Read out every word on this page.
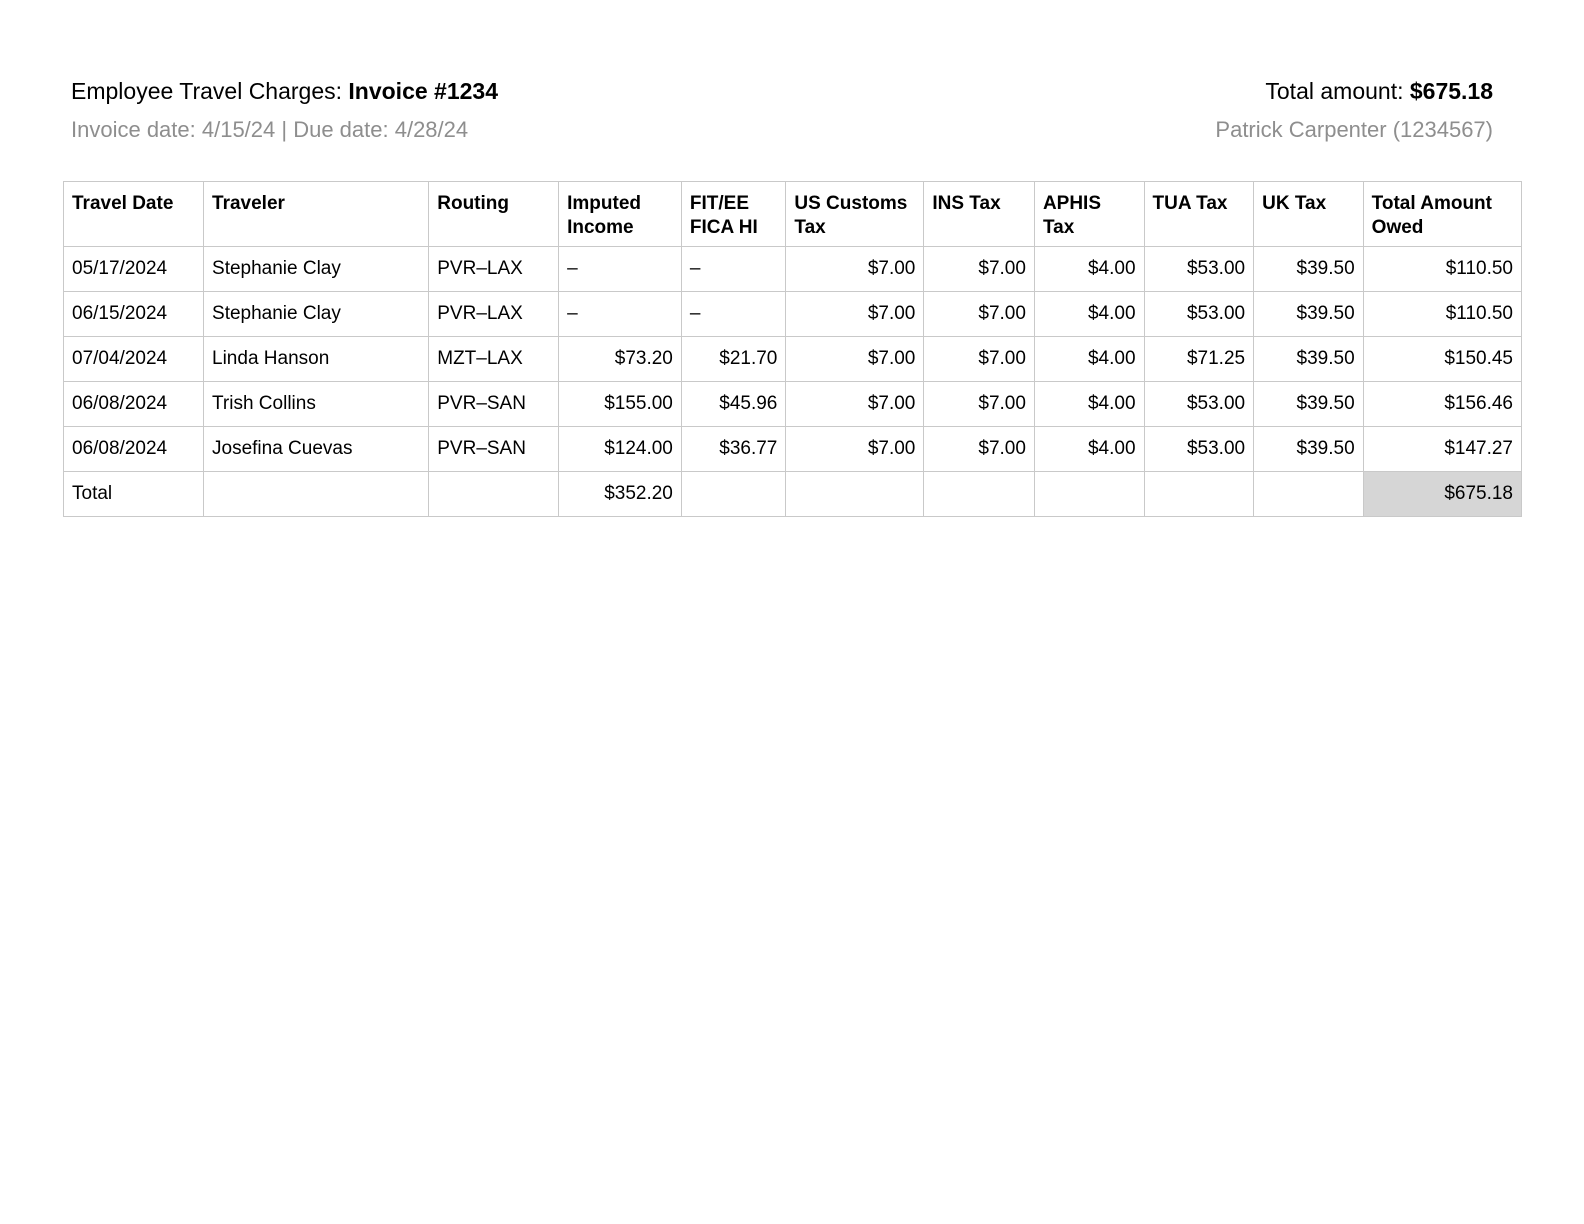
Employee Travel Charges: Invoice #1234
Invoice date: 4/15/24 | Due date: 4/28/24
Total amount: $675.18
Patrick Carpenter (1234567)
Travel Date	Traveler	Routing	Imputed Income	FIT/EE FICA HI	US Customs Tax	INS Tax	APHIS Tax	TUA Tax	UK Tax	Total Amount Owed
05/17/2024	Stephanie Clay	PVR–LAX	–	–	$7.00	$7.00	$4.00	$53.00	$39.50	$110.50
06/15/2024	Stephanie Clay	PVR–LAX	–	–	$7.00	$7.00	$4.00	$53.00	$39.50	$110.50
07/04/2024	Linda Hanson	MZT–LAX	$73.20	$21.70	$7.00	$7.00	$4.00	$71.25	$39.50	$150.45
06/08/2024	Trish Collins	PVR–SAN	$155.00	$45.96	$7.00	$7.00	$4.00	$53.00	$39.50	$156.46
06/08/2024	Josefina Cuevas	PVR–SAN	$124.00	$36.77	$7.00	$7.00	$4.00	$53.00	$39.50	$147.27
Total			$352.20							$675.18
